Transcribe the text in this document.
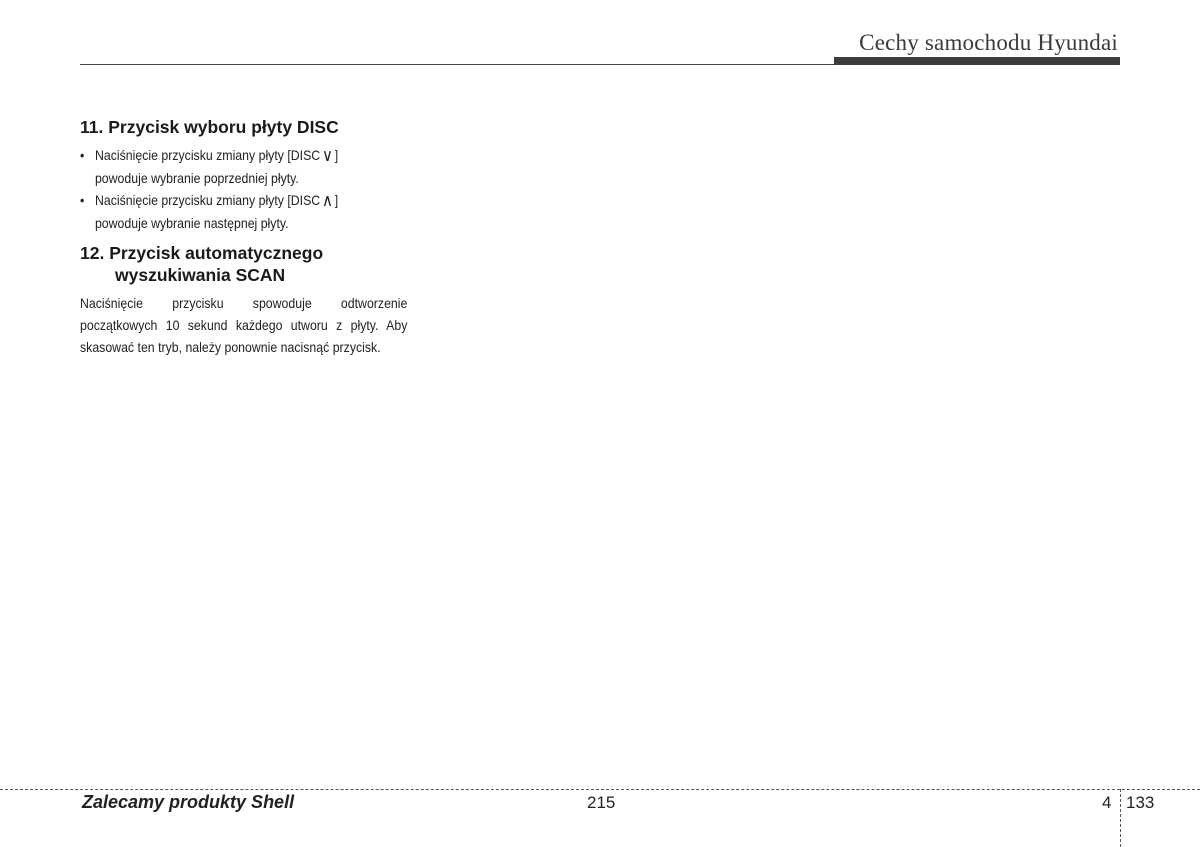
Cechy samochodu Hyundai
11. Przycisk wyboru płyty DISC
• Naciśnięcie przycisku zmiany płyty [DISC ∨ ]
powoduje wybranie poprzedniej płyty.
• Naciśnięcie przycisku zmiany płyty [DISC ∧ ]
powoduje wybranie następnej płyty.
12. Przycisk automatycznego
wyszukiwania SCAN

Naciśnięcie przycisku spowoduje odtworzenie początkowych 10 sekund każdego utworu z płyty. Aby skasować ten tryb, należy ponownie nacisnąć przycisk.

Zalecamy produkty Shell	215	4 133
